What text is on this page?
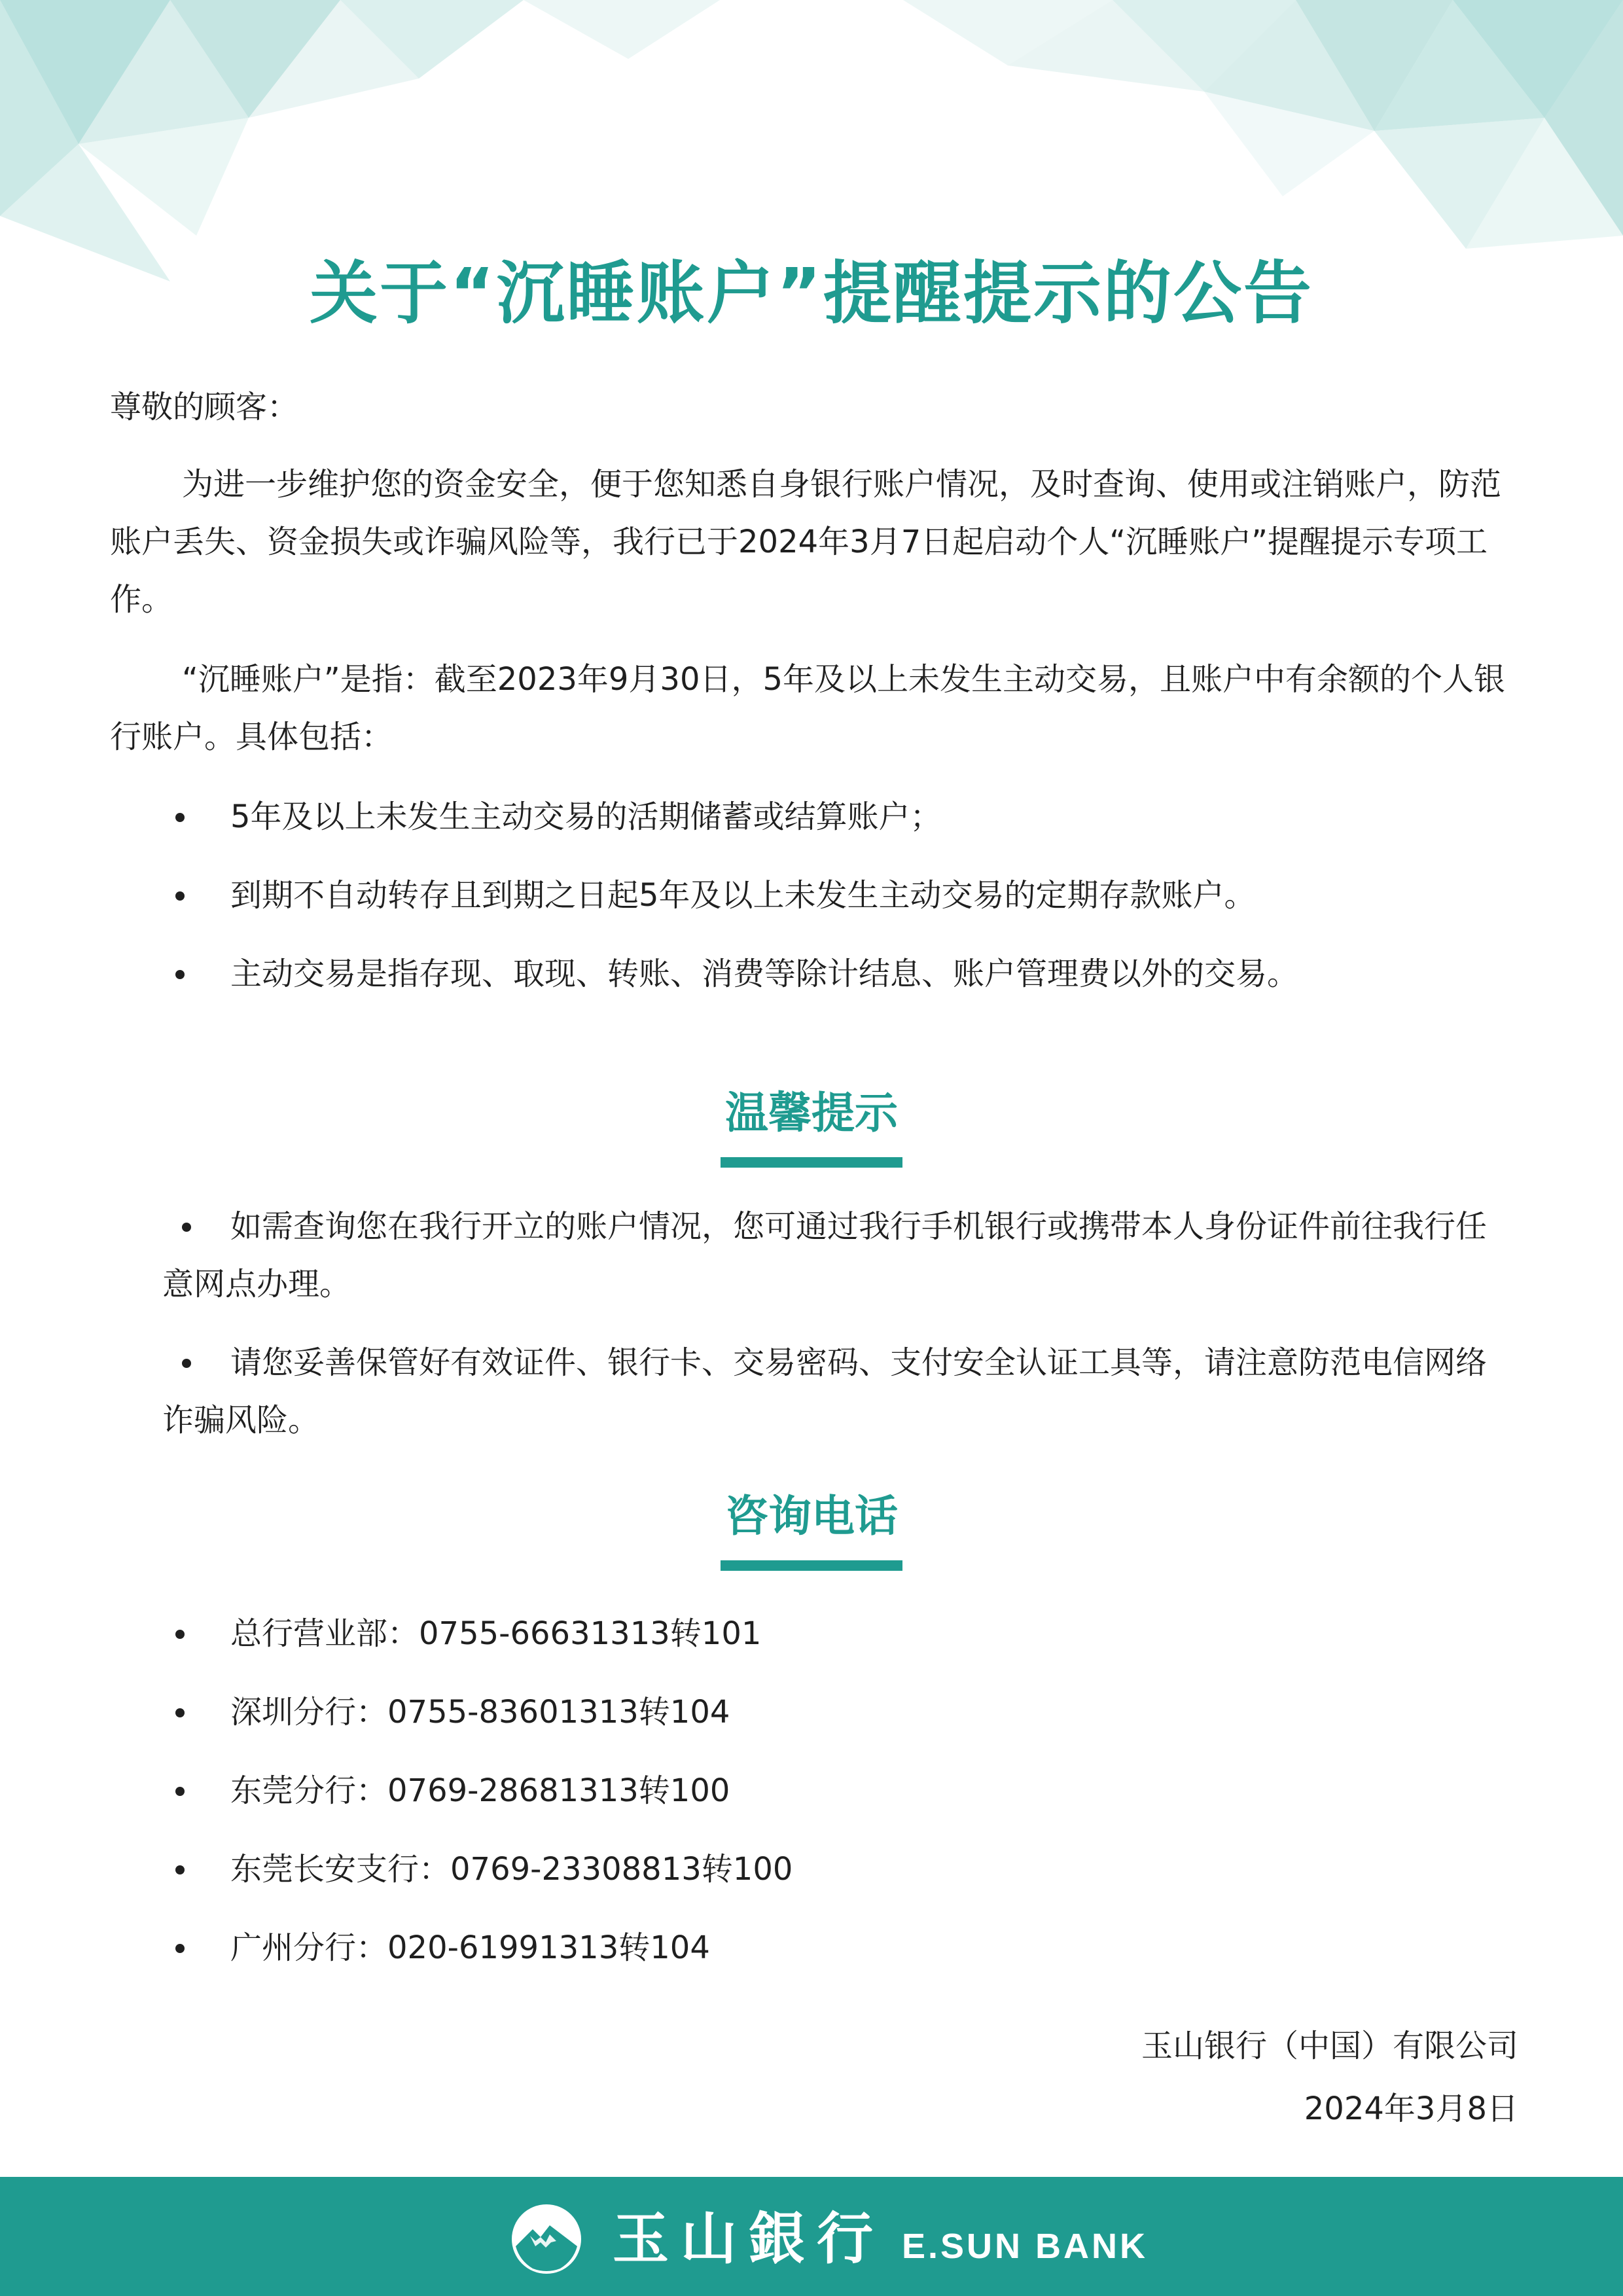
关于“沉睡账户”提醒提示的公告
尊敬的顾客：
为进一步维护您的资金安全，便于您知悉自身银行账户情况，及时查询、使用或注销账户，防范账户丢失、资金损失或诈骗风险等，我行已于2024年3月7日起启动个人“沉睡账户”提醒提示专项工作。
“沉睡账户”是指：截至2023年9月30日，5年及以上未发生主动交易，且账户中有余额的个人银行账户。具体包括：
5年及以上未发生主动交易的活期储蓄或结算账户；
到期不自动转存且到期之日起5年及以上未发生主动交易的定期存款账户。
主动交易是指存现、取现、转账、消费等除计结息、账户管理费以外的交易。
温馨提示
如需查询您在我行开立的账户情况，您可通过我行手机银行或携带本人身份证件前往我行任意网点办理。
请您妥善保管好有效证件、银行卡、交易密码、支付安全认证工具等，请注意防范电信网络诈骗风险。
咨询电话
总行营业部：0755-66631313转101
深圳分行：0755-83601313转104
东莞分行：0769-28681313转100
东莞长安支行：0769-23308813转100
广州分行：020-61991313转104
玉山银行（中国）有限公司
2024年3月8日
玉山銀行 E.SUN BANK
